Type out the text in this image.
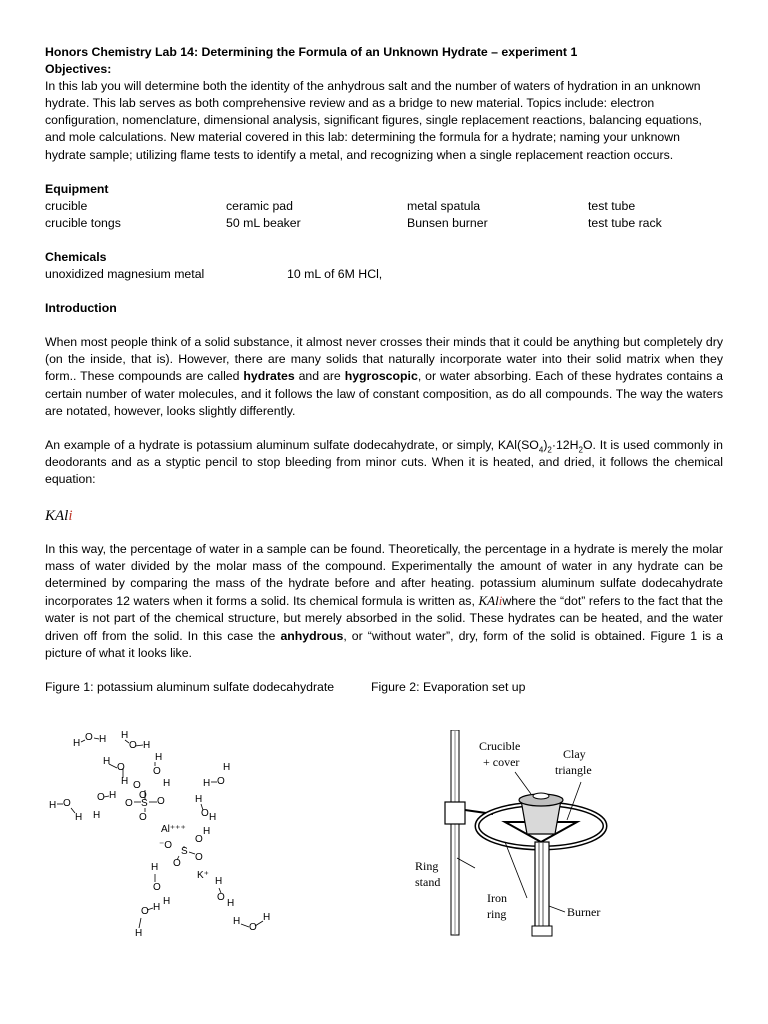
Honors Chemistry Lab 14: Determining the Formula of an Unknown Hydrate – experiment 1

Objectives:

In this lab you will determine both the identity of the anhydrous salt and the number of waters of hydration in an unknown hydrate. This lab serves as both comprehensive review and as a bridge to new material. Topics include: electron configuration, nomenclature, dimensional analysis, significant figures, single replacement reactions, balancing equations, and mole calculations. New material covered in this lab: determining the formula for a hydrate; naming your unknown hydrate sample; utilizing flame tests to identify a metal, and recognizing when a single replacement reaction occurs.

Equipment

crucible	ceramic pad	metal spatula	test tube
crucible tongs	50 mL beaker	Bunsen burner	test tube rack

Chemicals

unoxidized magnesium metal	10 mL of 6M HCl,

Introduction

When most people think of a solid substance, it almost never crosses their minds that it could be anything but completely dry (on the inside, that is). However, there are many solids that naturally incorporate water into their solid matrix when they form.. These compounds are called hydrates and are hygroscopic, or water absorbing. Each of these hydrates contains a certain number of water molecules, and it follows the law of constant composition, as do all compounds. The way the waters are notated, however, looks slightly differently.

An example of a hydrate is potassium aluminum sulfate dodecahydrate, or simply, $KAl(SO_4)_2\cdot 12H_2O$. It is used commonly in deodorants and as a styptic pencil to stop bleeding from minor cuts. When it is heated, and dried, it follows the chemical equation:

KAli

In this way, the percentage of water in a sample can be found. Theoretically, the percentage in a hydrate is merely the molar mass of water divided by the molar mass of the compound. Experimentally the amount of water in any hydrate can be determined by comparing the mass of the hydrate before and after heating. potassium aluminum sulfate dodecahydrate incorporates 12 waters when it forms a solid. Its chemical formula is written as, KAliwhere the “dot” refers to the fact that the water is not part of the chemical structure, but merely absorbed in the solid. These hydrates can be heated, and the water driven off from the solid. In this case the anhydrous, or “without water”, dry, form of the solid is obtained. Figure 1 is a picture of what it looks like.

Figure 1: potassium aluminum sulfate dodecahydrate	Figure 2: Evaporation set up
H
O H H
O H
H
O
H
O
H O H
H
H O
O H O
O S O
H O
H H	O
H
O H
H
Al⁺⁺⁺
⁻O
S
O
O
O
K⁺
H
O
H
H
O
H
O H
H
H
O
H
Crucible
+ cover
Clay
triangle
Ring
stand
Iron
ring	Burner
